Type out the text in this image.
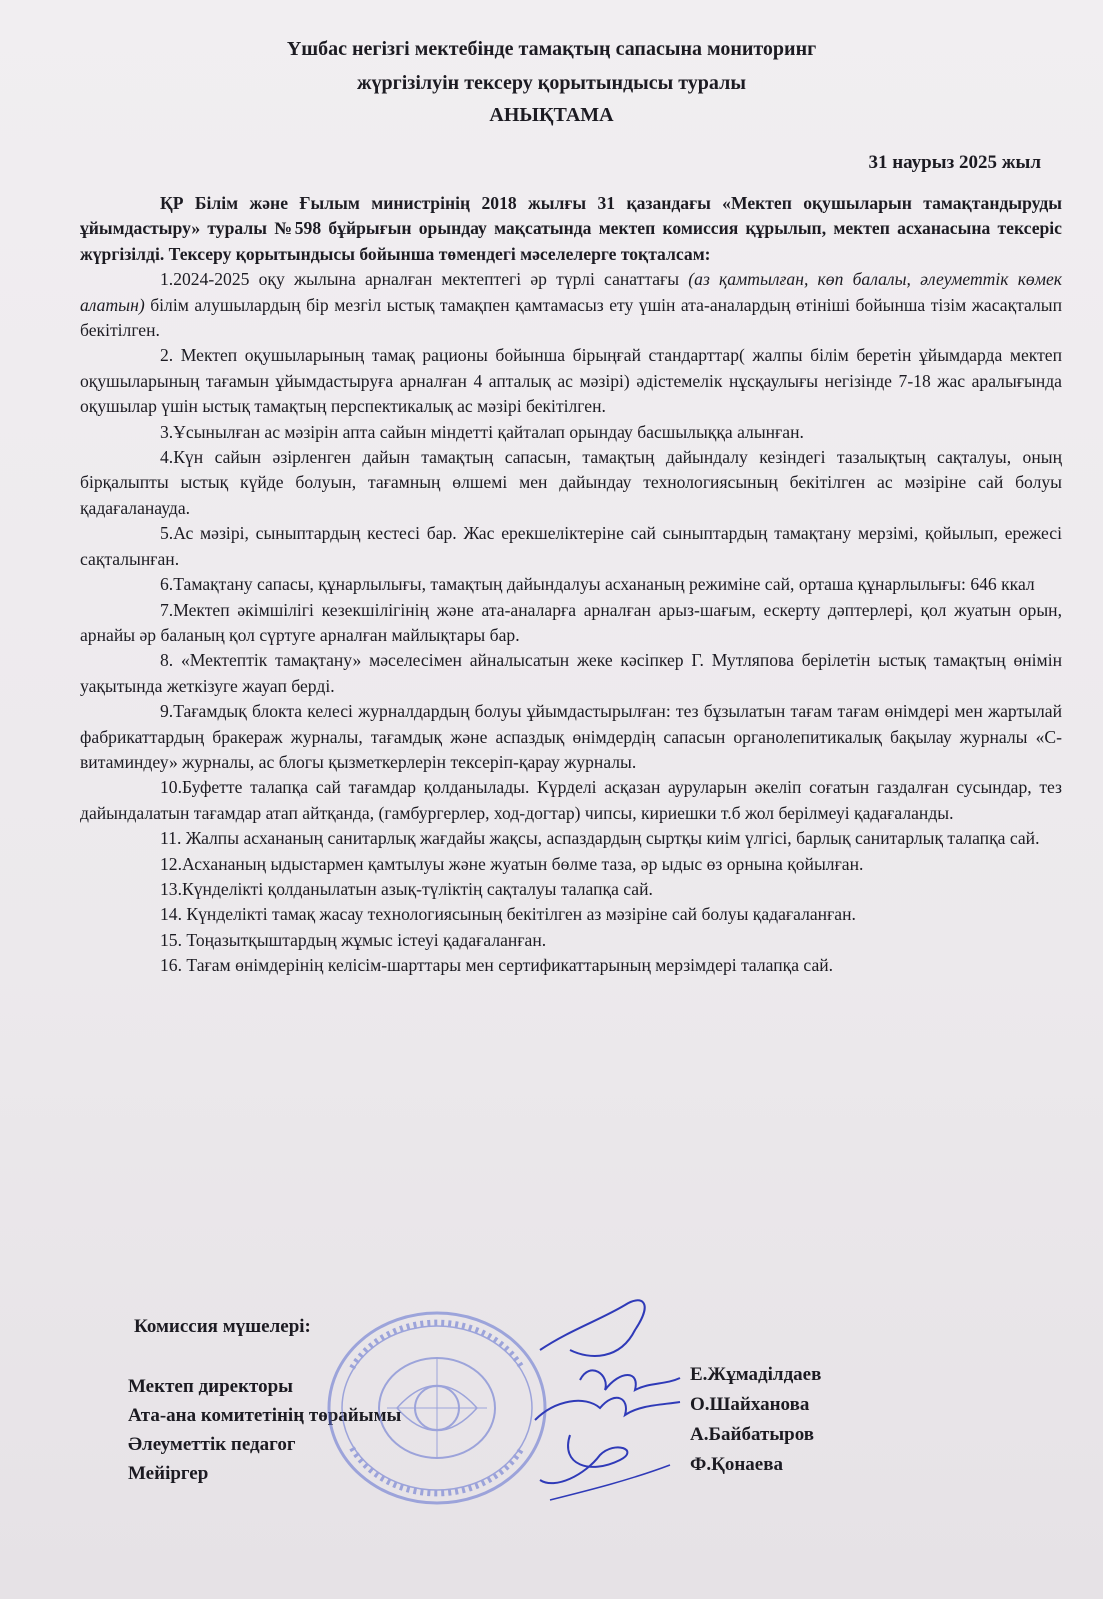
Үшбас негізгі мектебінде тамақтың сапасына мониторинг
жүргізілуін тексеру қорытындысы туралы
АНЫҚТАМА
31 наурыз 2025 жыл

ҚР Білім және Ғылым министрінің 2018 жылғы 31 қазандағы «Мектеп оқушыларын тамақтандыруды ұйымдастыру» туралы №598 бұйрығын орындау мақсатында мектеп комиссия құрылып, мектеп асханасына тексеріс жүргізілді. Тексеру қорытындысы бойынша төмендегі мәселелерге тоқталсам:

1.2024-2025 оқу жылына арналған мектептегі әр түрлі санаттағы (аз қамтылған, көп балалы, әлеуметтік көмек алатын) білім алушылардың бір мезгіл ыстық тамақпен қамтамасыз ету үшін ата-аналардың өтініші бойынша тізім жасақталып бекітілген.

2. Мектеп оқушыларының тамақ рационы бойынша бірыңғай стандарттар( жалпы білім беретін ұйымдарда мектеп оқушыларының тағамын ұйымдастыруға арналған 4 апталық ас мәзірі) әдістемелік нұсқаулығы негізінде 7-18 жас аралығында оқушылар үшін ыстық тамақтың перспектикалық ас мәзірі бекітілген.

3.Ұсынылған ас мәзірін апта сайын міндетті қайталап орындау басшылыққа алынған.

4.Күн сайын әзірленген дайын тамақтың сапасын, тамақтың дайындалу кезіндегі тазалықтың сақталуы, оның бірқалыпты ыстық күйде болуын, тағамның өлшемі мен дайындау технологиясының бекітілген ас мәзіріне сай болуы қадағаланауда.

5.Ас мәзірі, сыныптардың кестесі бар. Жас ерекшеліктеріне сай сыныптардың тамақтану мерзімі, қойылып, ережесі сақталынған.

6.Тамақтану сапасы, құнарлылығы, тамақтың дайындалуы асхананың режиміне сай, орташа құнарлылығы: 646 ккал

7.Мектеп әкімшілігі кезекшілігінің және ата-аналарға арналған арыз-шағым, ескерту дәптерлері, қол жуатын орын, арнайы әр баланың қол сүртуге арналған майлықтары бар.

8. «Мектептік тамақтану» мәселесімен айналысатын жеке кәсіпкер Г. Мутляпова берілетін ыстық тамақтың өнімін уақытында жеткізуге жауап берді.

9.Тағамдық блокта келесі журналдардың болуы ұйымдастырылған: тез бұзылатын тағам тағам өнімдері мен жартылай фабрикаттардың бракераж журналы, тағамдық және аспаздық өнімдердің сапасын органолепитикалық бақылау журналы «С-витаминдеу» журналы, ас блогы қызметкерлерін тексеріп-қарау журналы.

10.Буфетте талапқа сай тағамдар қолданылады. Күрделі асқазан ауруларын әкеліп соғатын газдалған сусындар, тез дайындалатын тағамдар атап айтқанда, (гамбургерлер, ход-догтар) чипсы, кириешки т.б жол берілмеуі қадағаланды.

11. Жалпы асхананың санитарлық жағдайы жақсы, аспаздардың сыртқы киім үлгісі, барлық санитарлық талапқа сай.

12.Асхананың ыдыстармен қамтылуы және жуатын бөлме таза, әр ыдыс өз орнына қойылған.

13.Күнделікті қолданылатын азық-түліктің сақталуы талапқа сай.

14. Күнделікті тамақ жасау технологиясының бекітілген аз мәзіріне сай болуы қадағаланған.

15. Тоңазытқыштардың жұмыс істеуі қадағаланған.

16. Тағам өнімдерінің келісім-шарттары мен сертификаттарының мерзімдері талапқа сай.

Комиссия мүшелері:
Мектеп директоры
Ата-ана комитетінің төрайымы
Әлеуметтік педагог
Мейіргер
Е.Жұмаділдаев
О.Шайханова
А.Байбатыров
Ф.Қонаева
